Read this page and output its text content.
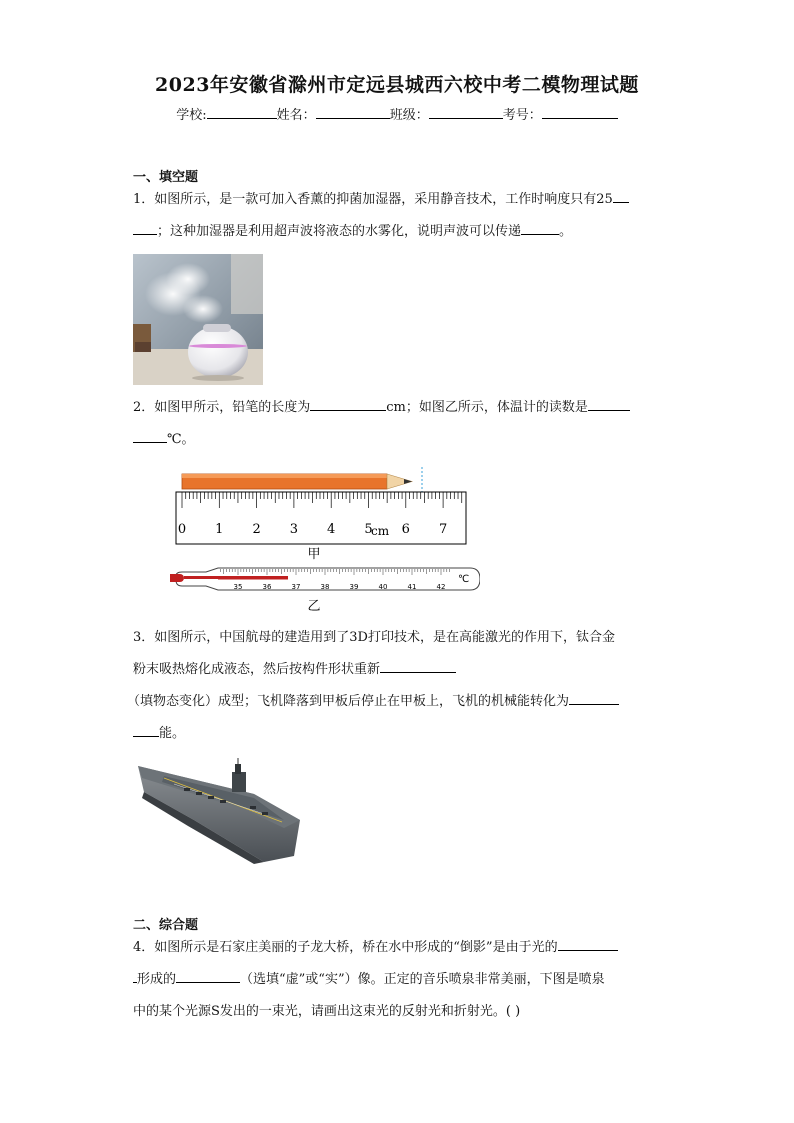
2023年安徽省滁州市定远县城西六校中考二模物理试题
学校:	姓名：	班级：	考号：
一、填空题
1．如图所示，是一款可加入香薰的抑菌加湿器，采用静音技术，工作时响度只有25
；这种加湿器是利用超声波将液态的水雾化，说明声波可以传递	。
2．如图甲所示，铅笔的长度为	cm；如图乙所示，体温计的读数是
℃。
0 1 2 3 4 5 6 7
cm
甲
35	36	37	38	39	40	41	42
℃
乙
3．如图所示，中国航母的建造用到了3D打印技术，是在高能激光的作用下，钛合金
粉末吸热熔化成液态，然后按构件形状重新
（填物态变化）成型；飞机降落到甲板后停止在甲板上，飞机的机械能转化为
能。
二、综合题
4．如图所示是石家庄美丽的子龙大桥，桥在水中形成的“倒影”是由于光的
形成的	（选填“虚”或“实”）像。正定的音乐喷泉非常美丽，下图是喷泉
中的某个光源S发出的一束光，请画出这束光的反射光和折射光。( )
